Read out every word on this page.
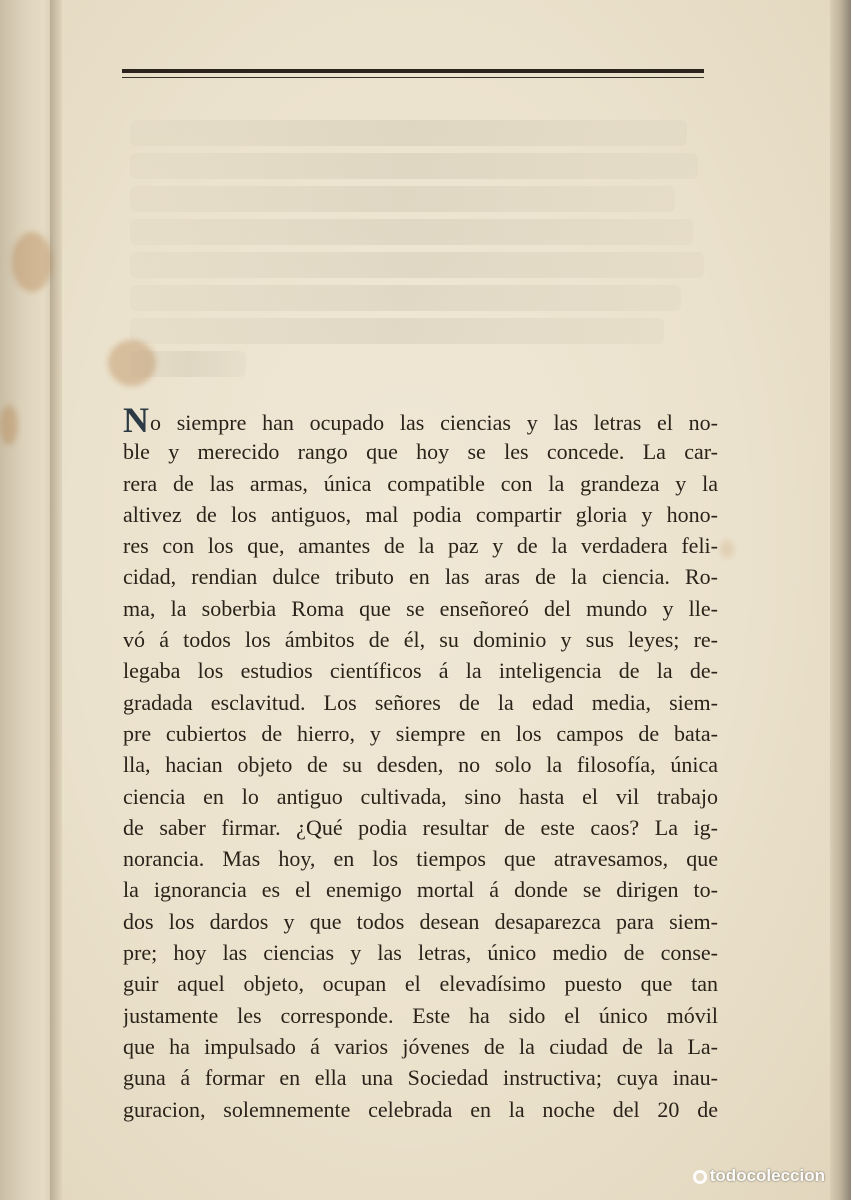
No siempre han ocupado las ciencias y las letras el no-
ble y merecido rango que hoy se les concede. La car-
rera de las armas, única compatible con la grandeza y la
altivez de los antiguos, mal podia compartir gloria y hono-
res con los que, amantes de la paz y de la verdadera feli-
cidad, rendian dulce tributo en las aras de la ciencia. Ro-
ma, la soberbia Roma que se enseñoreó del mundo y lle-
vó á todos los ámbitos de él, su dominio y sus leyes; re-
legaba los estudios científicos á la inteligencia de la de-
gradada esclavitud. Los señores de la edad media, siem-
pre cubiertos de hierro, y siempre en los campos de bata-
lla, hacian objeto de su desden, no solo la filosofía, única
ciencia en lo antiguo cultivada, sino hasta el vil trabajo
de saber firmar. ¿Qué podia resultar de este caos? La ig-
norancia. Mas hoy, en los tiempos que atravesamos, que
la ignorancia es el enemigo mortal á donde se dirigen to-
dos los dardos y que todos desean desaparezca para siem-
pre; hoy las ciencias y las letras, único medio de conse-
guir aquel objeto, ocupan el elevadísimo puesto que tan
justamente les corresponde. Este ha sido el único móvil
que ha impulsado á varios jóvenes de la ciudad de la La-
guna á formar en ella una Sociedad instructiva; cuya inau-
guracion, solemnemente celebrada en la noche del 20 de
todocoleccion
